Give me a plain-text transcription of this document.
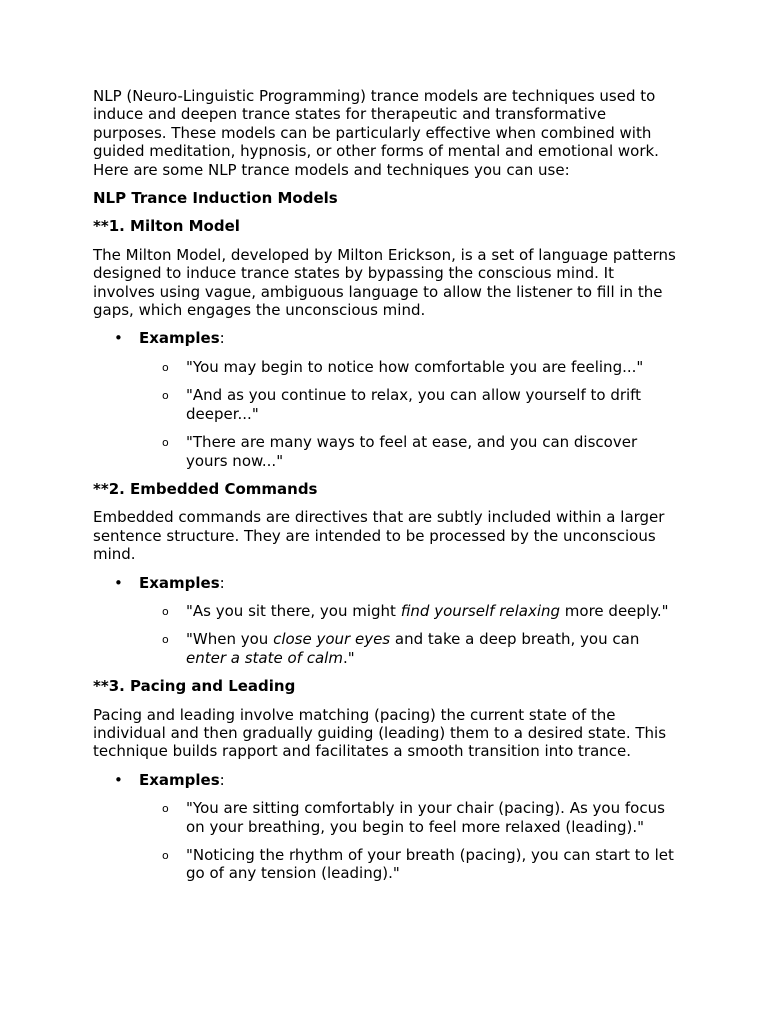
NLP (Neuro-Linguistic Programming) trance models are techniques used to induce and deepen trance states for therapeutic and transformative purposes. These models can be particularly effective when combined with guided meditation, hypnosis, or other forms of mental and emotional work. Here are some NLP trance models and techniques you can use:

NLP Trance Induction Models
**1. Milton Model

The Milton Model, developed by Milton Erickson, is a set of language patterns designed to induce trance states by bypassing the conscious mind. It involves using vague, ambiguous language to allow the listener to fill in the gaps, which engages the unconscious mind.

• Examples:
o "You may begin to notice how comfortable you are feeling..."
o "And as you continue to relax, you can allow yourself to drift deeper..."
o "There are many ways to feel at ease, and you can discover yours now..."
**2. Embedded Commands

Embedded commands are directives that are subtly included within a larger sentence structure. They are intended to be processed by the unconscious mind.

• Examples:
o "As you sit there, you might find yourself relaxing more deeply."
o "When you close your eyes and take a deep breath, you can enter a state of calm."
**3. Pacing and Leading

Pacing and leading involve matching (pacing) the current state of the individual and then gradually guiding (leading) them to a desired state. This technique builds rapport and facilitates a smooth transition into trance.

• Examples:
o "You are sitting comfortably in your chair (pacing). As you focus on your breathing, you begin to feel more relaxed (leading)."
o "Noticing the rhythm of your breath (pacing), you can start to let go of any tension (leading)."
